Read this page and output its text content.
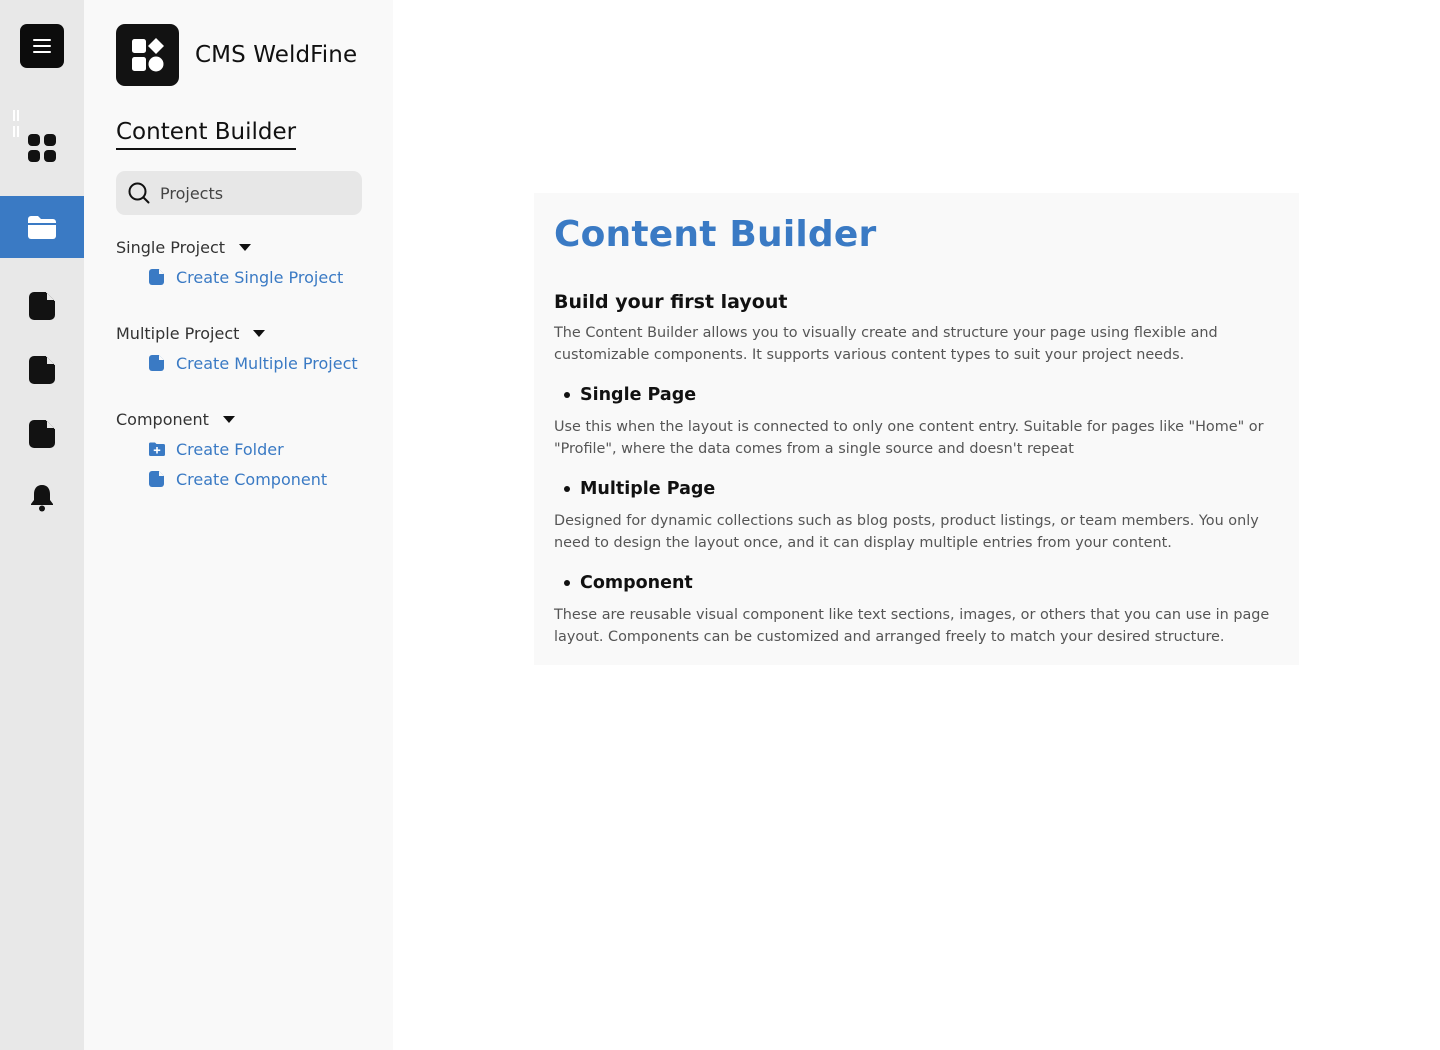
CMS WeldFine
Content Builder
Projects
Single Project
Create Single Project
Multiple Project
Create Multiple Project
Component
Create Folder
Create Component
Content Builder
Build your first layout

The Content Builder allows you to visually create and structure your page using flexible and customizable components. It supports various content types to suit your project needs.

Single Page

Use this when the layout is connected to only one content entry. Suitable for pages like "Home" or "Profile", where the data comes from a single source and doesn't repeat

Multiple Page

Designed for dynamic collections such as blog posts, product listings, or team members. You only need to design the layout once, and it can display multiple entries from your content.

Component

These are reusable visual component like text sections, images, or others that you can use in page layout. Components can be customized and arranged freely to match your desired structure.
